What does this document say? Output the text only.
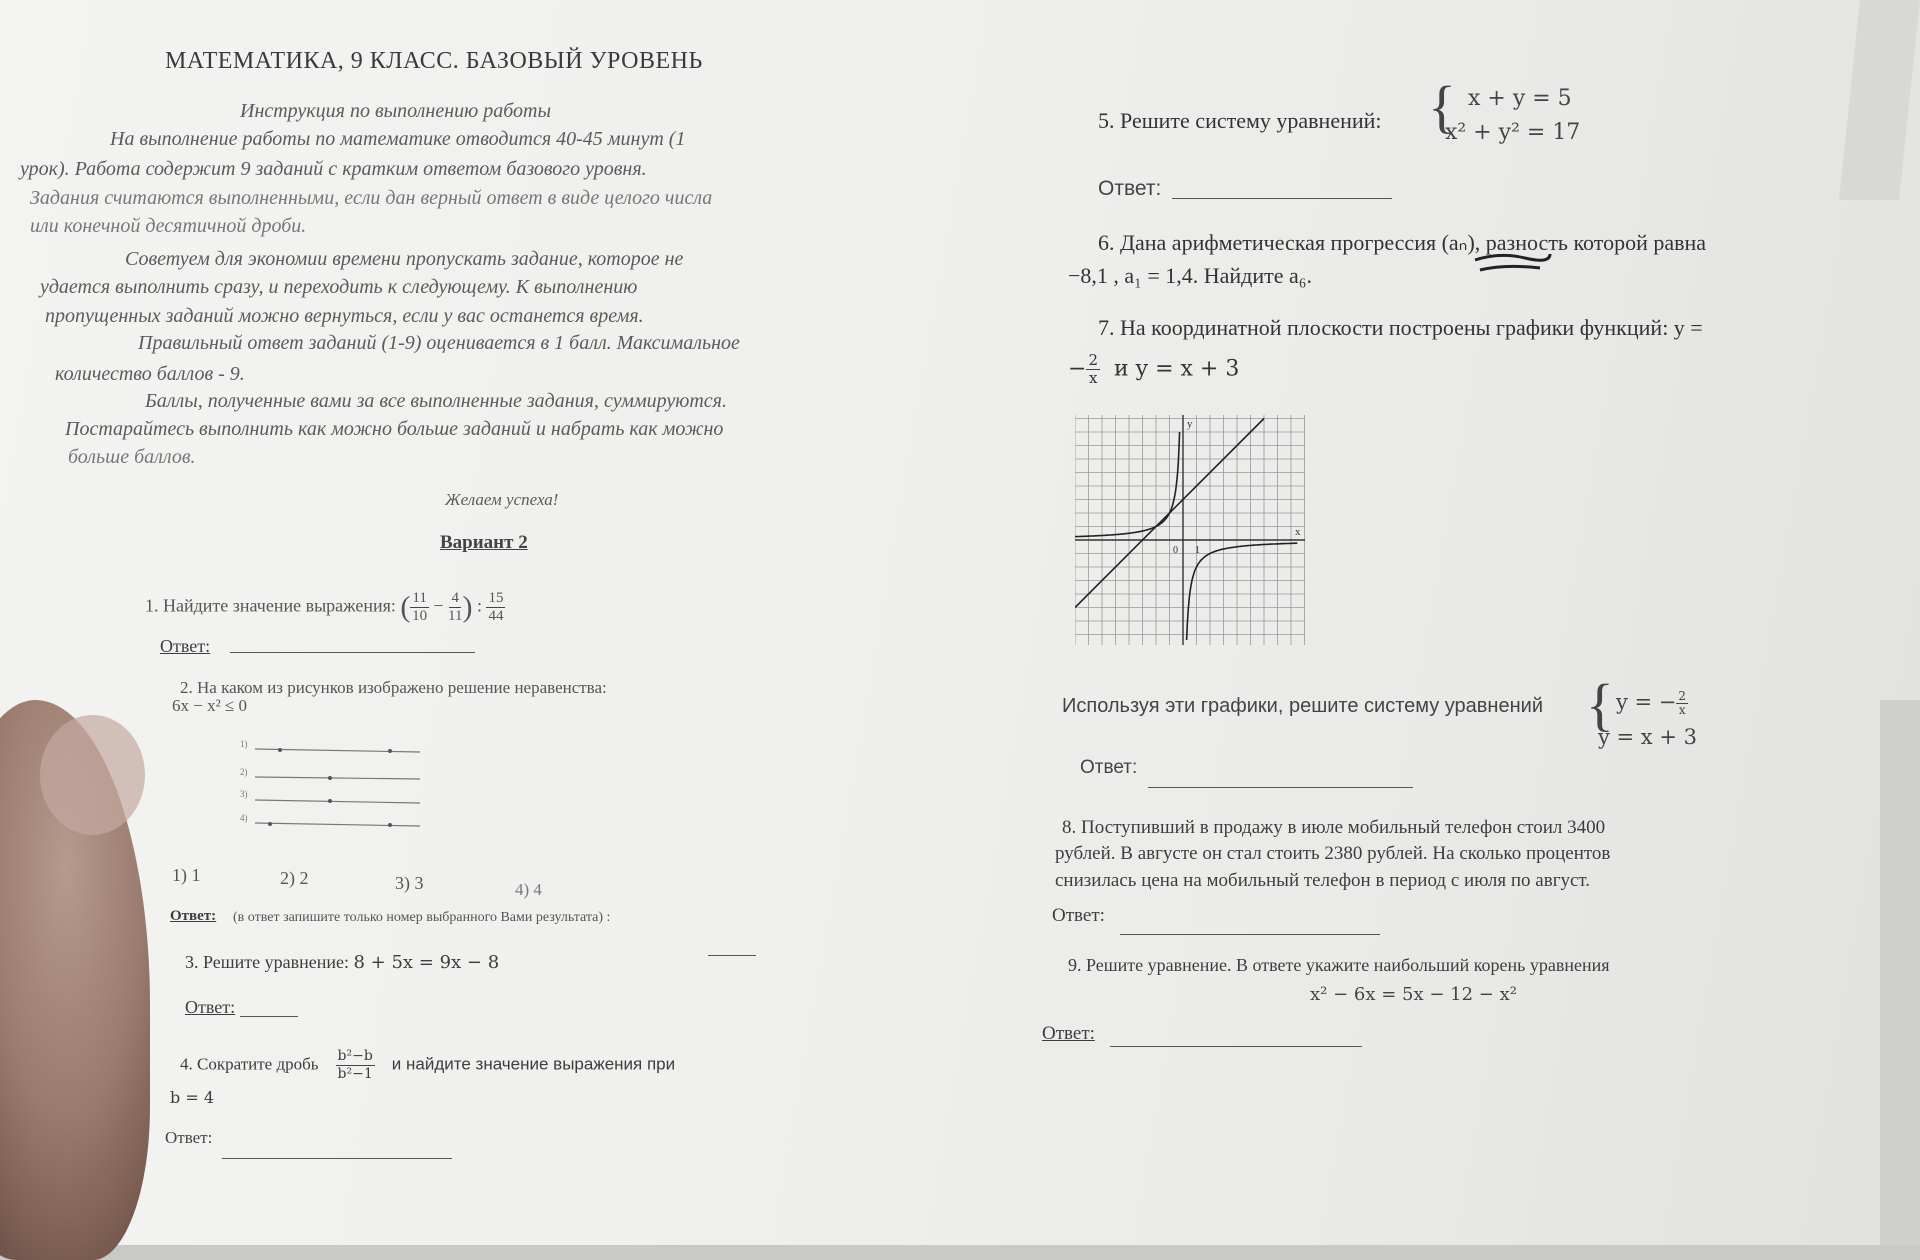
МАТЕМАТИКА, 9 КЛАСС. БАЗОВЫЙ УРОВЕНЬ
Инструкция по выполнению работы
На выполнение работы по математике отводится 40-45 минут (1
урок). Работа содержит 9 заданий с кратким ответом базового уровня.
Задания считаются выполненными, если дан верный ответ в виде целого числа
или конечной десятичной дроби.
Советуем для экономии времени пропускать задание, которое не
удается выполнить сразу, и переходить к следующему. К выполнению
пропущенных заданий можно вернуться, если у вас останется время.
Правильный ответ заданий (1-9) оценивается в 1 балл. Максимальное
количество баллов - 9.
Баллы, полученные вами за все выполненные задания, суммируются.
Постарайтесь выполнить как можно больше заданий и набрать как можно
больше баллов.
Желаем успеха!
Вариант 2
1. Найдите значение выражения: ( $\frac{11}{10} - \frac{4}{11}$ ) : $\frac{15}{44}$
Ответ:
2. На каком из рисунков изображено решение неравенства:
6x − x² ≤ 0
1)
2)
3)
4)
1) 1	2) 2	3) 3	4) 4
Ответ: (в ответ запишите только номер выбранного Вами результата) :
3. Решите уравнение: 8 + 5x = 9x − 8
Ответ:
4. Сократите дробь $\frac{\text{b²−b}}{\text{b²−1}}$ и найдите значение выражения при
b = 4
Ответ:
5. Решите систему уравнений: { x + y = 5
x² + y² = 17
Ответ:
6. Дана арифметическая прогрессия (aₙ), разность которой равна
−8,1 , a₁ = 1,4. Найдите a₆.
7. На координатной плоскости построены графики функций: y =
− $\frac{2}{x}$ и y = x + 3
y
x
0 1
Используя эти графики, решите систему уравнений { y = − $\frac{2}{x}$
y = x + 3
Ответ:
8. Поступивший в продажу в июле мобильный телефон стоил 3400
рублей. В августе он стал стоить 2380 рублей. На сколько процентов
снизилась цена на мобильный телефон в период с июля по август.
Ответ:
9. Решите уравнение. В ответе укажите наибольший корень уравнения
x² − 6x = 5x − 12 − x²
Ответ:
